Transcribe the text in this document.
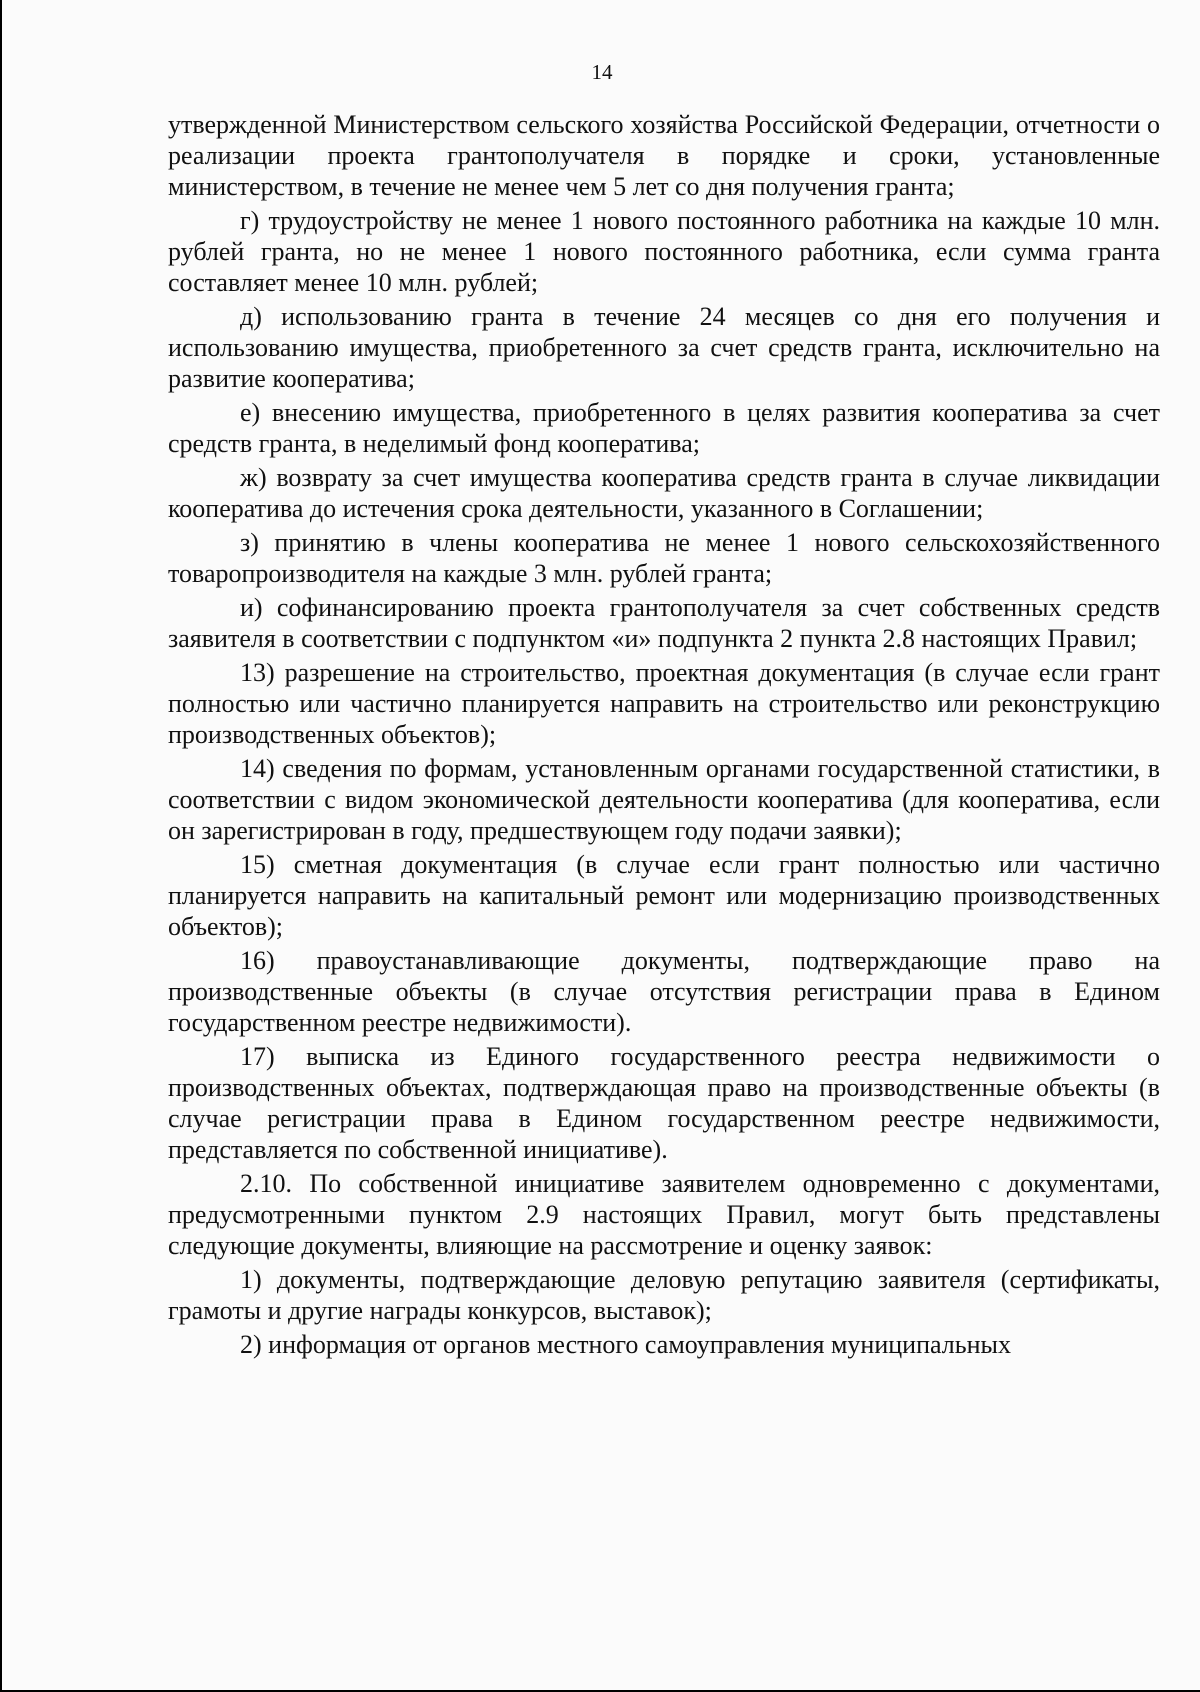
14

утвержденной Министерством сельского хозяйства Российской Федерации, отчетности о реализации проекта грантополучателя в порядке и сроки, установленные министерством, в течение не менее чем 5 лет со дня получения гранта;

г) трудоустройству не менее 1 нового постоянного работника на каждые 10 млн. рублей гранта, но не менее 1 нового постоянного работника, если сумма гранта составляет менее 10 млн. рублей;

д) использованию гранта в течение 24 месяцев со дня его получения и использованию имущества, приобретенного за счет средств гранта, исключительно на развитие кооператива;

е) внесению имущества, приобретенного в целях развития кооператива за счет средств гранта, в неделимый фонд кооператива;

ж) возврату за счет имущества кооператива средств гранта в случае ликвидации кооператива до истечения срока деятельности, указанного в Соглашении;

з) принятию в члены кооператива не менее 1 нового сельскохозяйственного товаропроизводителя на каждые 3 млн. рублей гранта;

и) софинансированию проекта грантополучателя за счет собственных средств заявителя в соответствии с подпунктом «и» подпункта 2 пункта 2.8 настоящих Правил;

13) разрешение на строительство, проектная документация (в случае если грант полностью или частично планируется направить на строительство или реконструкцию производственных объектов);

14) сведения по формам, установленным органами государственной статистики, в соответствии с видом экономической деятельности кооператива (для кооператива, если он зарегистрирован в году, предшествующем году подачи заявки);

15) сметная документация (в случае если грант полностью или частично планируется направить на капитальный ремонт или модернизацию производственных объектов);

16) правоустанавливающие документы, подтверждающие право на производственные объекты (в случае отсутствия регистрации права в Едином государственном реестре недвижимости).

17) выписка из Единого государственного реестра недвижимости о производственных объектах, подтверждающая право на производственные объекты (в случае регистрации права в Едином государственном реестре недвижимости, представляется по собственной инициативе).

2.10. По собственной инициативе заявителем одновременно с документами, предусмотренными пунктом 2.9 настоящих Правил, могут быть представлены следующие документы, влияющие на рассмотрение и оценку заявок:

1) документы, подтверждающие деловую репутацию заявителя (сертификаты, грамоты и другие награды конкурсов, выставок);

2) информация от органов местного самоуправления муниципальных
